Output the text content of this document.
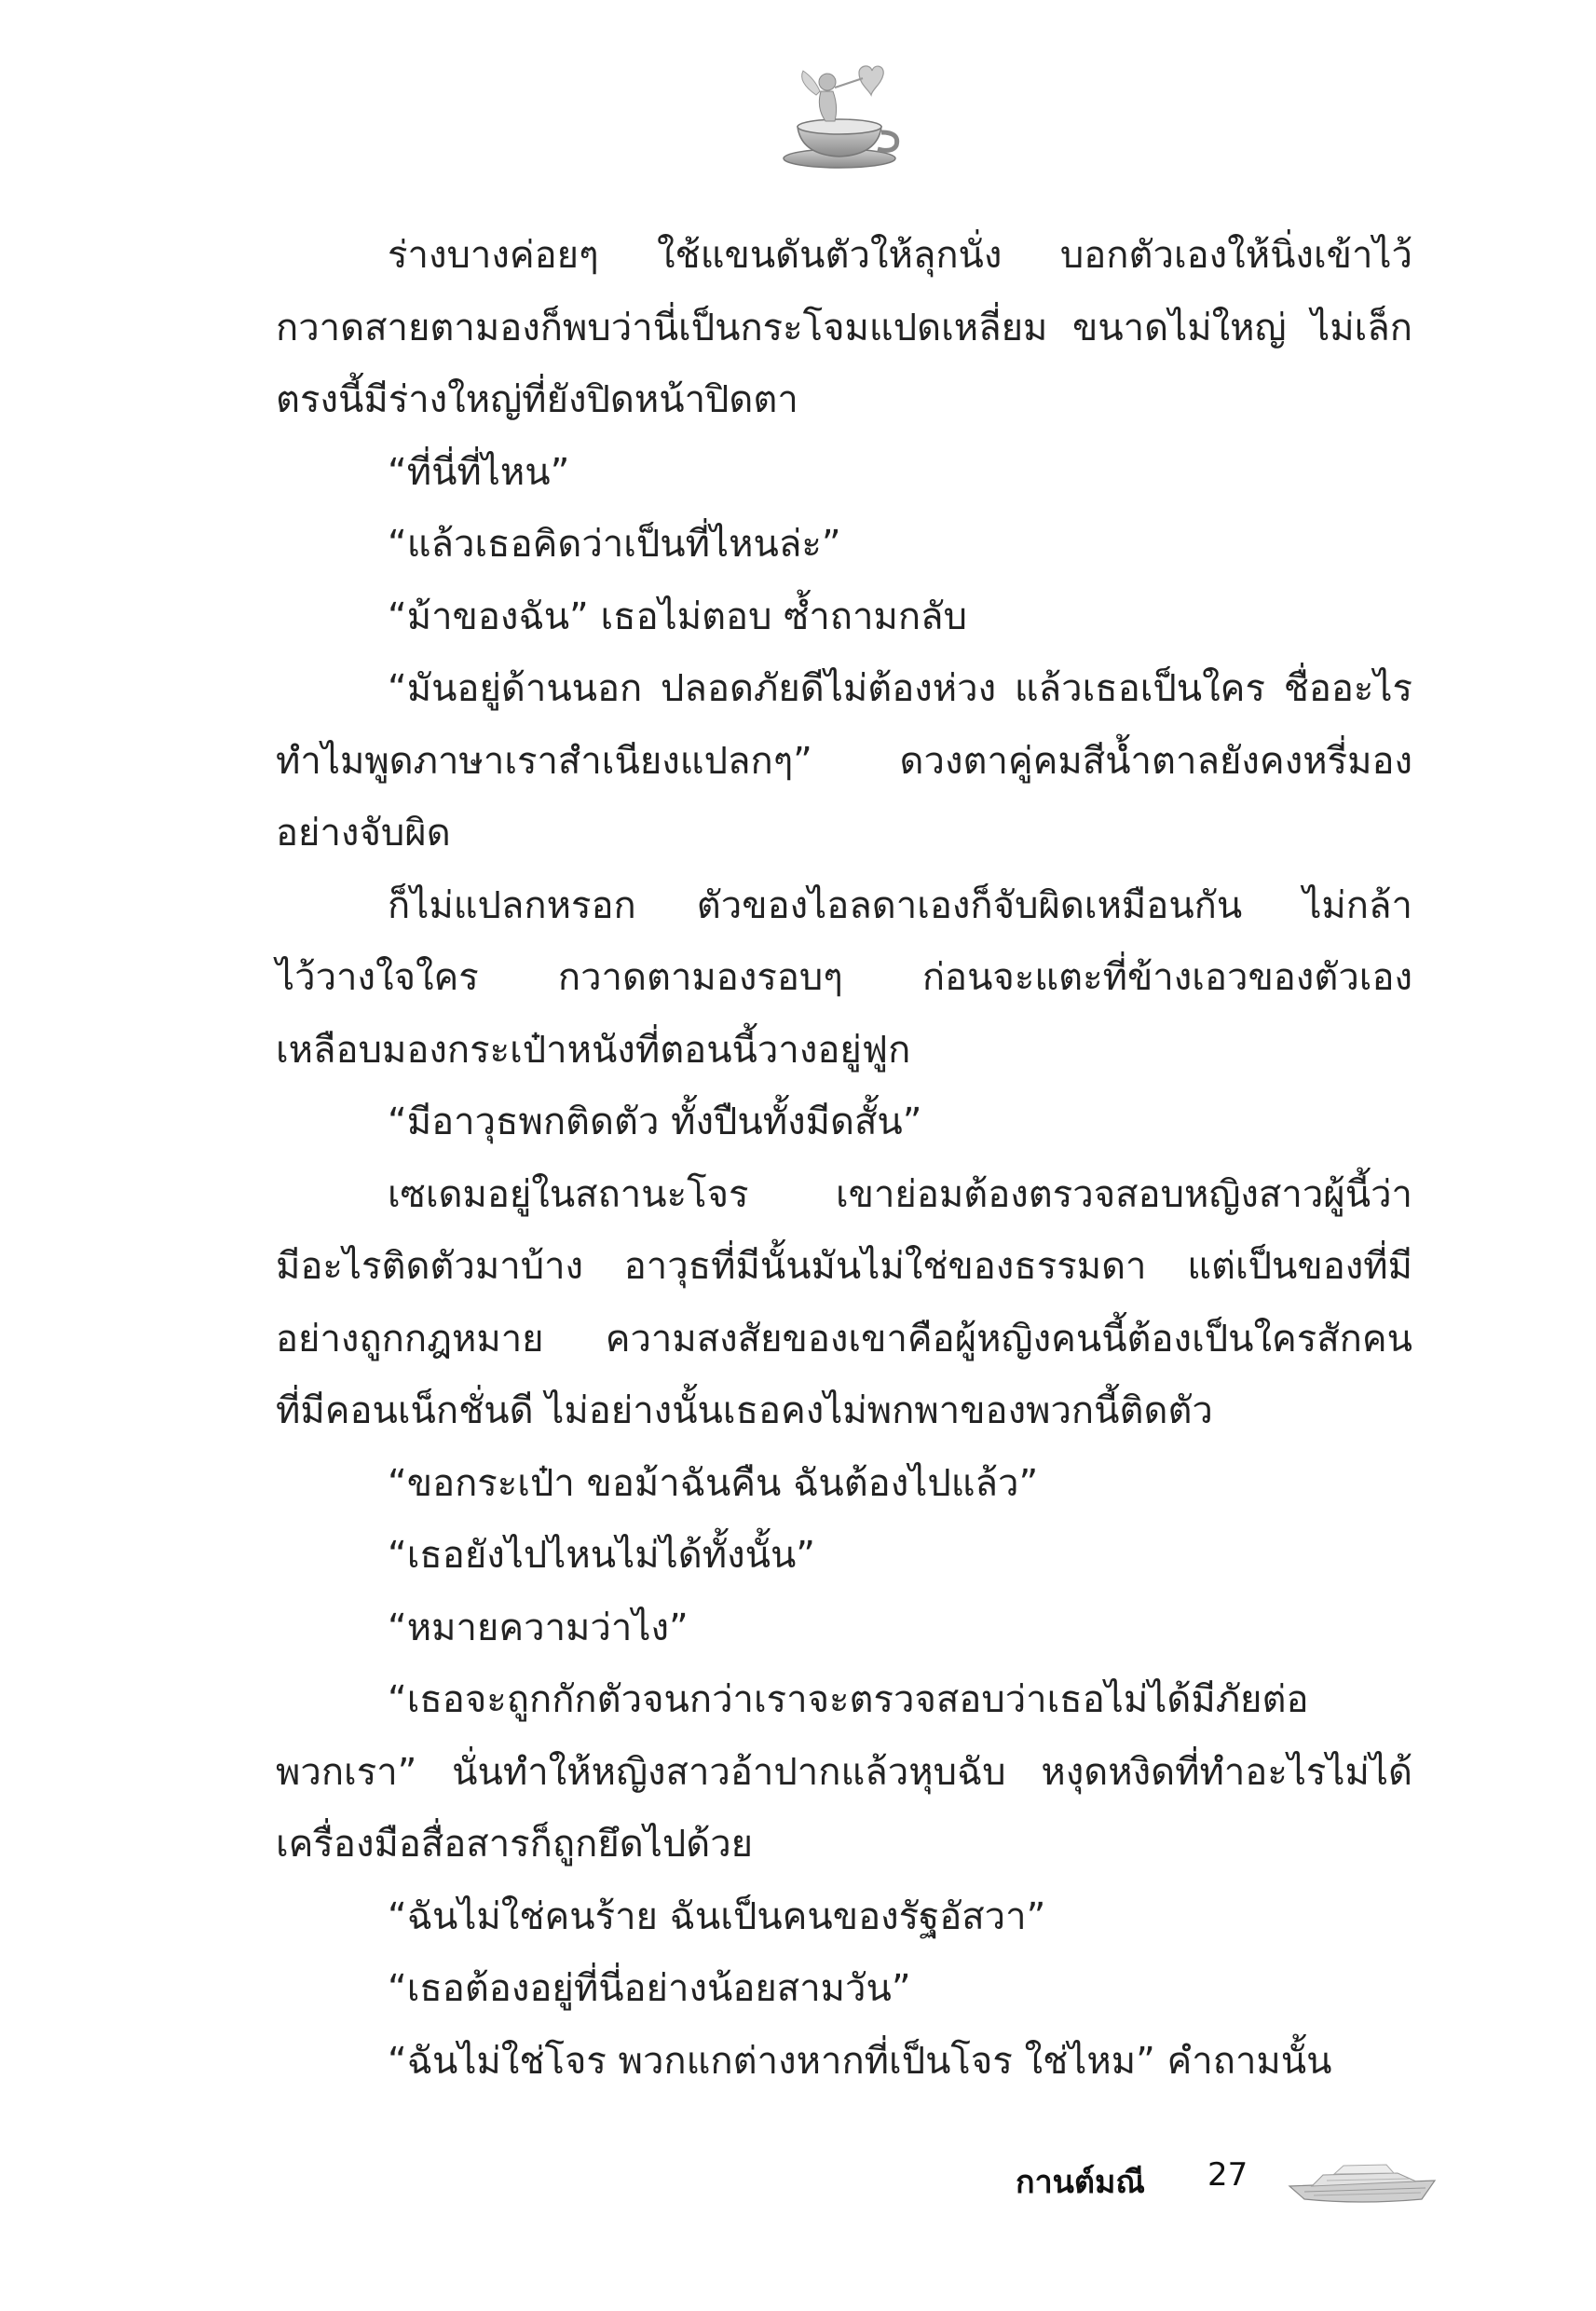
ร่างบางค่อยๆ ใช้แขนดันตัวให้ลุกนั่ง บอกตัวเองให้นิ่งเข้าไว้
กวาดสายตามองก็พบว่านี่เป็นกระโจมแปดเหลี่ยม ขนาดไม่ใหญ่ ไม่เล็ก
ตรงนี้มีร่างใหญ่ที่ยังปิดหน้าปิดตา

“ที่นี่ที่ไหน”

“แล้วเธอคิดว่าเป็นที่ไหนล่ะ”

“ม้าของฉัน” เธอไม่ตอบ ซ้ำถามกลับ

“มันอยู่ด้านนอก ปลอดภัยดีไม่ต้องห่วง แล้วเธอเป็นใคร ชื่ออะไร
ทำไมพูดภาษาเราสำเนียงแปลกๆ” ดวงตาคู่คมสีน้ำตาลยังคงหรี่มอง
อย่างจับผิด

ก็ไม่แปลกหรอก ตัวของไอลดาเองก็จับผิดเหมือนกัน ไม่กล้า
ไว้วางใจใคร กวาดตามองรอบๆ ก่อนจะแตะที่ข้างเอวของตัวเอง
เหลือบมองกระเป๋าหนังที่ตอนนี้วางอยู่ฟูก

“มีอาวุธพกติดตัว ทั้งปืนทั้งมีดสั้น”

เซเดมอยู่ในสถานะโจร เขาย่อมต้องตรวจสอบหญิงสาวผู้นี้ว่า
มีอะไรติดตัวมาบ้าง อาวุธที่มีนั้นมันไม่ใช่ของธรรมดา แต่เป็นของที่มี
อย่างถูกกฎหมาย ความสงสัยของเขาคือผู้หญิงคนนี้ต้องเป็นใครสักคน
ที่มีคอนเน็กชั่นดี ไม่อย่างนั้นเธอคงไม่พกพาของพวกนี้ติดตัว

“ขอกระเป๋า ขอม้าฉันคืน ฉันต้องไปแล้ว”

“เธอยังไปไหนไม่ได้ทั้งนั้น”

“หมายความว่าไง”

“เธอจะถูกกักตัวจนกว่าเราจะตรวจสอบว่าเธอไม่ได้มีภัยต่อ
พวกเรา” นั่นทำให้หญิงสาวอ้าปากแล้วหุบฉับ หงุดหงิดที่ทำอะไรไม่ได้
เครื่องมือสื่อสารก็ถูกยึดไปด้วย

“ฉันไม่ใช่คนร้าย ฉันเป็นคนของรัฐอัสวา”

“เธอต้องอยู่ที่นี่อย่างน้อยสามวัน”

“ฉันไม่ใช่โจร พวกแกต่างหากที่เป็นโจร ใช่ไหม” คำถามนั้น

กานต์มณี 27
